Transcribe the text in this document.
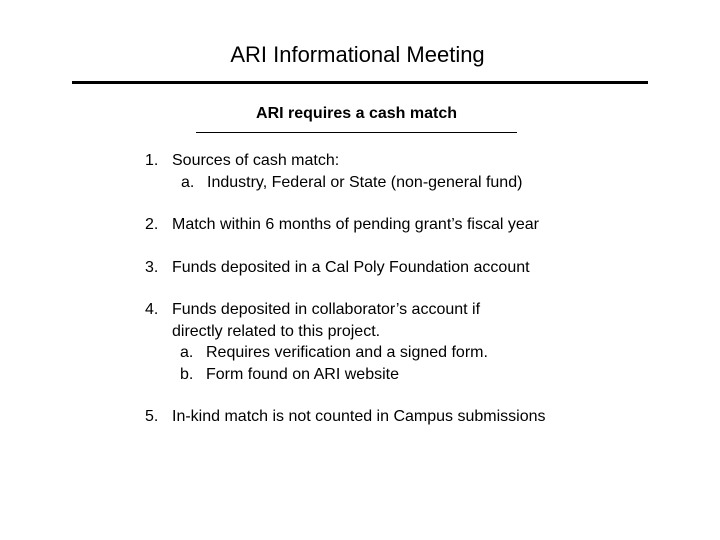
ARI Informational Meeting
ARI requires a cash match
1. Sources of cash match:
a. Industry, Federal or State (non-general fund)
2. Match within 6 months of pending grant’s fiscal year
3. Funds deposited in a Cal Poly Foundation account
4. Funds deposited in collaborator’s account if
directly related to this project.
a. Requires verification and a signed form.
b. Form found on ARI website
5. In-kind match is not counted in Campus submissions
